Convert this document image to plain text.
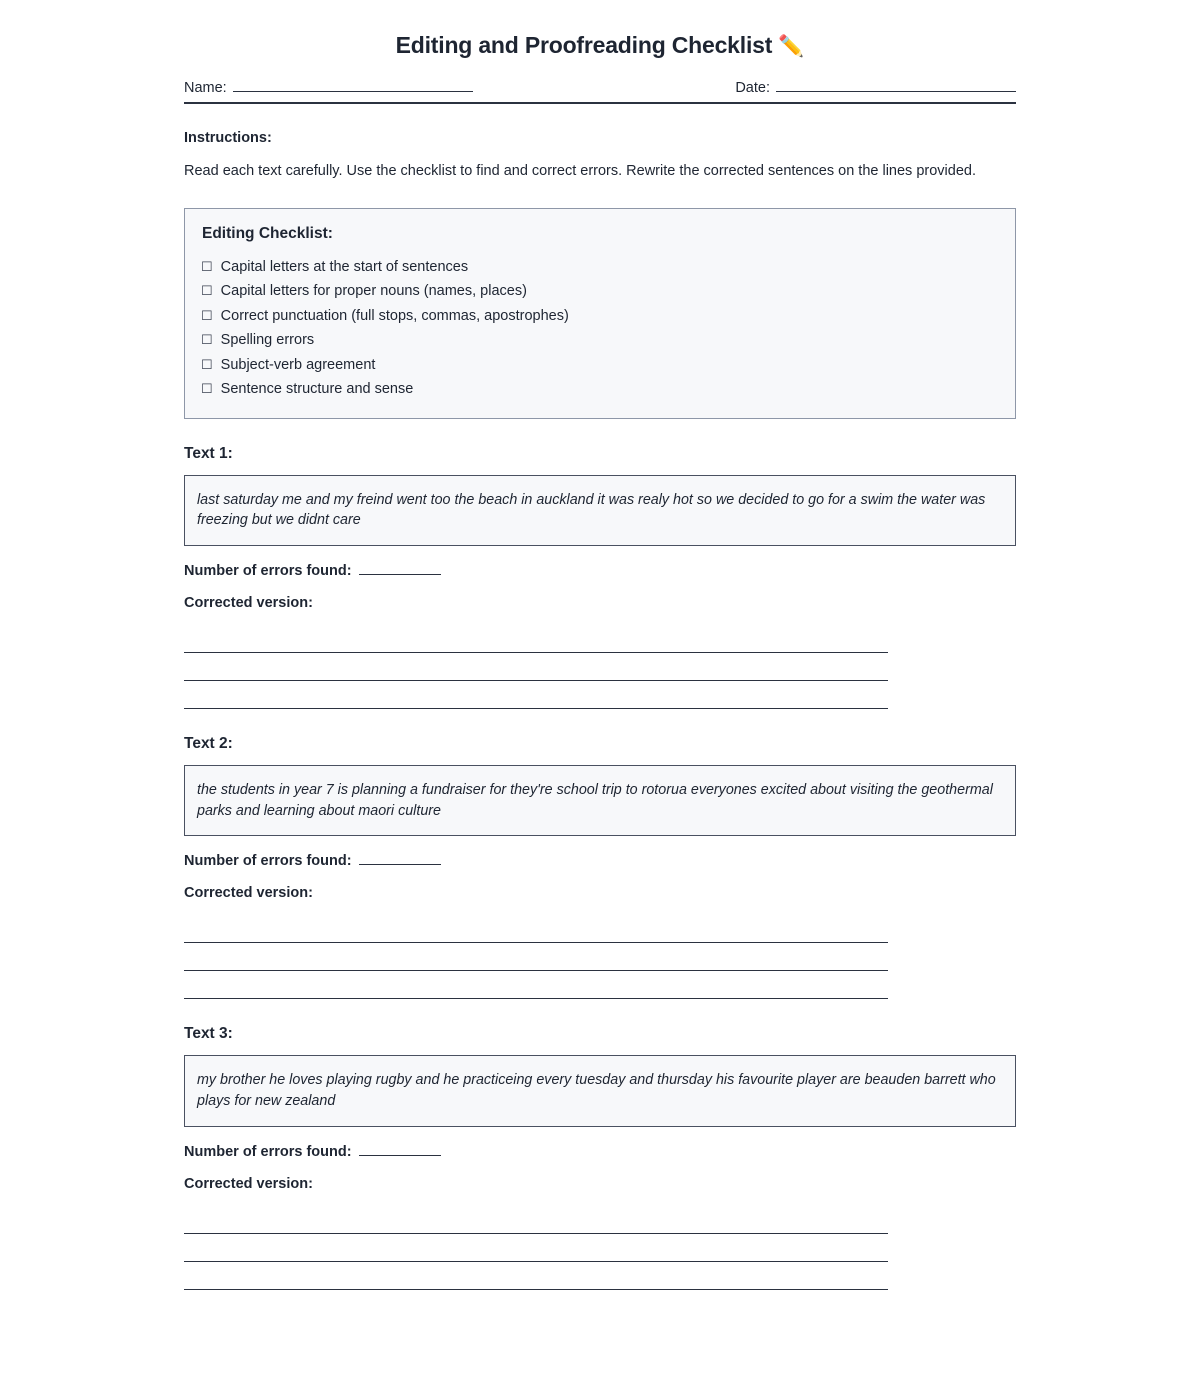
Editing and Proofreading Checklist ✏️
Name:	Date:
Instructions:
Read each text carefully. Use the checklist to find and correct errors. Rewrite the corrected sentences on the lines provided.
Editing Checklist:
☐ Capital letters at the start of sentences
☐ Capital letters for proper nouns (names, places)
☐ Correct punctuation (full stops, commas, apostrophes)
☐ Spelling errors
☐ Subject-verb agreement
☐ Sentence structure and sense
Text 1:

last saturday me and my freind went too the beach in auckland it was realy hot so we decided to go for a swim the water was freezing but we didnt care

Number of errors found:
Corrected version:
Text 2:

the students in year 7 is planning a fundraiser for they're school trip to rotorua everyones excited about visiting the geothermal parks and learning about maori culture

Number of errors found:
Corrected version:
Text 3:

my brother he loves playing rugby and he practiceing every tuesday and thursday his favourite player are beauden barrett who plays for new zealand

Number of errors found:
Corrected version:
